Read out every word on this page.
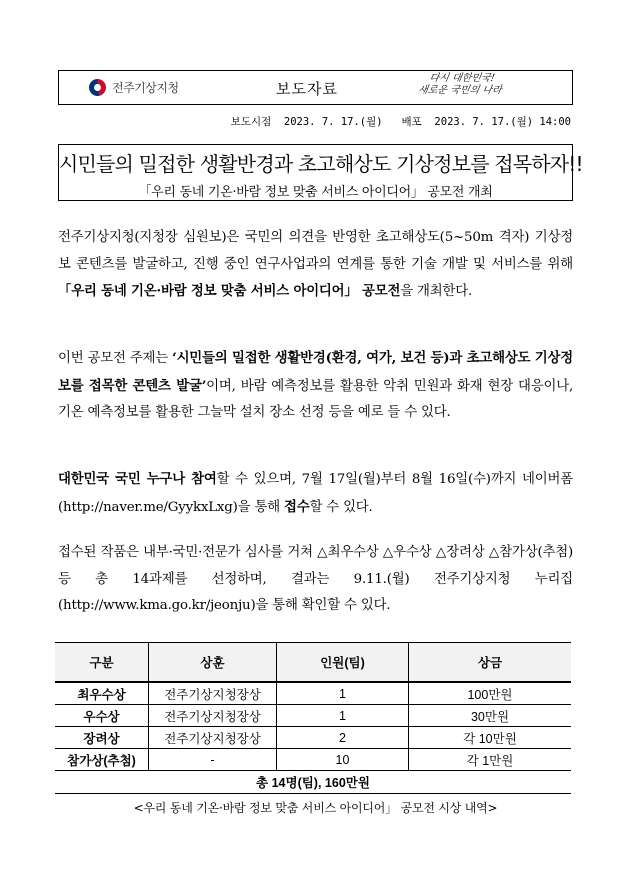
전주기상지청	보도자료
다시 대한민국!
새로운 국민의 나라
보도시점  2023. 7. 17.(월)   배포  2023. 7. 17.(월) 14:00
시민들의 밀접한 생활반경과 초고해상도 기상정보를 접목하자!!
「우리 동네 기온·바람 정보 맞춤 서비스 아이디어」 공모전 개최
전주기상지청(지청장 심원보)은 국민의 의견을 반영한 초고해상도(5~50m 격자) 기상정보 콘텐츠를 발굴하고, 진행 중인 연구사업과의 연계를 통한 기술 개발 및 서비스를 위해 「우리 동네 기온·바람 정보 맞춤 서비스 아이디어」 공모전을 개최한다.
이번 공모전 주제는 ‘시민들의 밀접한 생활반경(환경, 여가, 보건 등)과 초고해상도 기상정보를 접목한 콘텐츠 발굴’이며, 바람 예측정보를 활용한 악취 민원과 화재 현장 대응이나, 기온 예측정보를 활용한 그늘막 설치 장소 선정 등을 예로 들 수 있다.
대한민국 국민 누구나 참여할 수 있으며, 7월 17일(월)부터 8월 16일(수)까지 네이버폼(http://naver.me/GyykxLxg)을 통해 접수할 수 있다.
접수된 작품은 내부·국민·전문가 심사를 거쳐 △최우수상 △우수상 △장려상 △참가상(추첨) 등 총 14과제를 선정하며, 결과는 9.11.(월) 전주기상지청 누리집(http://www.kma.go.kr/jeonju)을 통해 확인할 수 있다.
구분	상훈	인원(팀)	상금
최우수상	전주기상지청장상	1	100만원
우수상	전주기상지청장상	1	30만원
장려상	전주기상지청장상	2	각 10만원
참가상(추첨)	-	10	각 1만원
총 14명(팀), 160만원			
<우리 동네 기온·바람 정보 맞춤 서비스 아이디어」 공모전 시상 내역>
